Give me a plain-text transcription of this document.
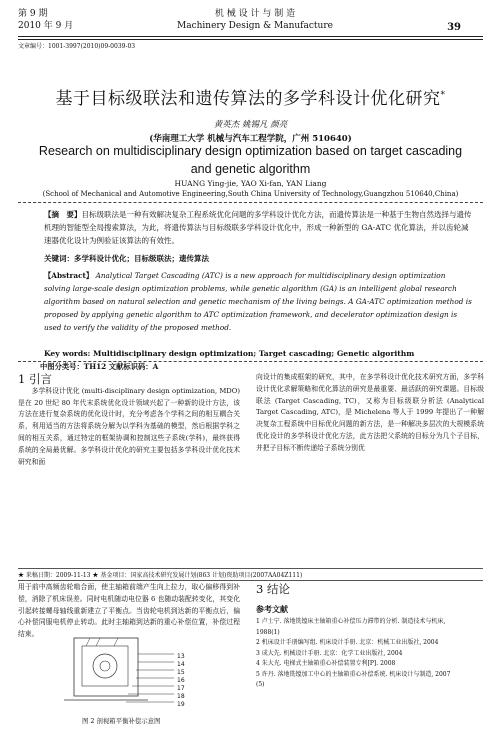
第 9 期
2010 年 9 月
机 械 设 计 与 制 造
Machinery Design & Manufacture	39
文章编号：1001-3997(2010)09-0039-03
基于目标级联法和遗传算法的多学科设计优化研究*
黄英杰 姚锡凡 颜亮
(华南理工大学 机械与汽车工程学院，广州 510640)
Research on multidisciplinary design optimization based on target cascading and genetic algorithm
HUANG Ying-jie, YAO Xi-fan, YAN Liang
(School of Mechanical and Automotive Engineering,South China University of Technology,Guangzhou 510640,China)

【摘　要】目标级联法是一种有效解决复杂工程系统优化问题的多学科设计优化方法，而遗传算法是一种基于生物自然选择与遗传机理的智能型全局搜索算法，为此，将遗传算法与目标级联多学科设计优化中，形成一种新型的 GA-ATC 优化算法，并以齿轮减速器优化设计为例验证该算法的有效性。

关键词：多学科设计优化；目标级联法；遗传算法

【Abstract】 Analytical Target Cascading (ATC) is a new approach for multidisciplinary design optimization solving large-scale design optimization problems, while genetic algorithm (GA) is an intelligent global research algorithm based on natural selection and genetic mechanism of the living beings. A GA-ATC optimization method is proposed by applying genetic algorithm to ATC optimization framework, and decelerator optimization design is used to verify the validity of the proposed method.

Key words: Multidisciplinary design optimization; Target cascading; Genetic algorithm

中图分类号：TH12 文献标识码：A
1 引言
多学科设计优化 (multi-disciplinary design optimization, MDO) 是在 20 世纪 80 年代末系统优化设计领域兴起了一种新的设计方法，该方法在进行复杂系统的优化设计时，充分考虑各个学科之间的相互耦合关系，利用适当的方法将系统分解为以学科为基础的模型，然后根据学科之间的相互关系，通过特定的框架协调和控制这些子系统(学科)，最终获得系统的全局最优解。多学科设计优化的研究主要包括多学科设计优化技术研究和面
向设计的集成框架的研究，其中，在多学科设计优化技术研究方面，多学科设计优化求解策略和优化算法的研究是最重要、最活跃的研究课题。目标级联法 (Target Cascading, TC)，又称为目标级联分析法 (Analytical Target Cascading, ATC)，是 Michelena 等人于 1999 年提出了一种解决复杂工程系统中目标优化问题的新方法，是一种解决多层次的大规模系统优化设计的多学科设计优化方法，此方法把父系统的目标分为几个子目标，并把子目标不断传递给子系统分别优
★ 来稿日期：2009-11-13 ★ 基金项目：国家高技术研究发展计划(863 计划)资助项目(2007AA04Z111)
用于前中高频齿轮啮合面，使主轴箱前端产生向上拉力，取心偏移得到补偿，消除了机床误差。同时电机随动电位器 6 也随动装配转变化，其变化引起转接螺母轴线重新建立了平衡点。当齿轮电机到达新的平衡点后，偏心补偿同服电机停止转动。此时主轴箱到达新的重心补偿位置，补偿过程结束。
3 结论
13
14
15
16
17
18
19
图 2 剖视箱平衡补偿示意图
参考文献
1 卢士宁. 落地铣镗床主轴箱重心补偿压力滞带的分析. 制造技术与机床,
1988(1)
2 机床设计手册编写组. 机床设计手册. 北京：机械工业出版社, 2004
3 成大先. 机械设计手册. 北京：化学工业出版社, 2004
4 朱大光. 电梯式主轴箱重心补偿装置专利[P]. 2008
5 许丹. 落地铣镗加工中心的主轴箱重心补偿系统. 机床设计与制造, 2007
(5)
